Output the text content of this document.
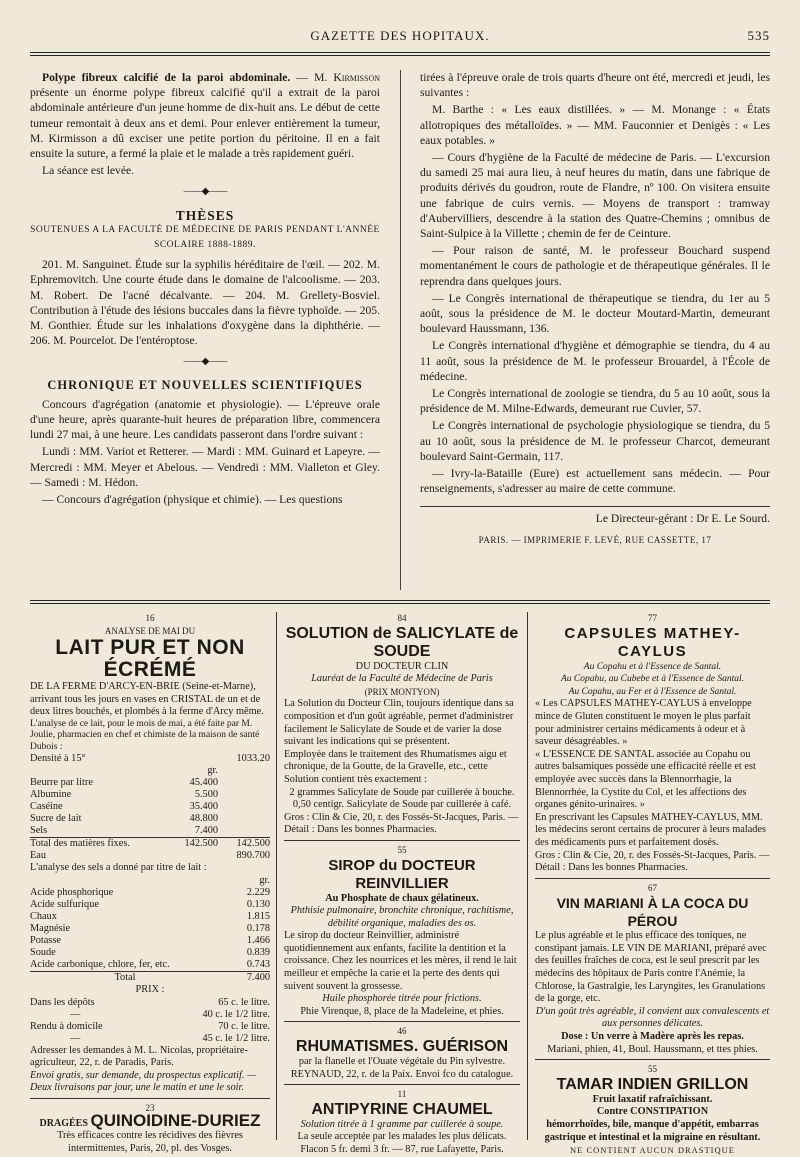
GAZETTE DES HOPITAUX.	535

Polype fibreux calcifié de la paroi abdominale. — M. Kirmisson présente un énorme polype fibreux calcifié qu'il a extrait de la paroi abdominale antérieure d'un jeune homme de dix-huit ans. Le début de cette tumeur remontait à deux ans et demi. Pour enlever entièrement la tumeur, M. Kirmisson a dû exciser une petite portion du péritoine. Il en a fait ensuite la suture, a fermé la plaie et le malade a très rapidement guéri.

La séance est levée.

——◆——
THÈSES
SOUTENUES A LA FACULTÉ DE MÉDECINE DE PARIS PENDANT L'ANNÉE SCOLAIRE 1888-1889.

201. M. Sanguinet. Étude sur la syphilis héréditaire de l'œil. — 202. M. Ephremovitch. Une courte étude dans le domaine de l'alcoolisme. — 203. M. Robert. De l'acné décalvante. — 204. M. Grellety-Bosviel. Contribution à l'étude des lésions buccales dans la fièvre typhoïde. — 205. M. Gonthier. Étude sur les inhalations d'oxygène dans la diphthérie. — 206. M. Pourcelot. De l'entéroptose.

——◆——
CHRONIQUE ET NOUVELLES SCIENTIFIQUES

Concours d'agrégation (anatomie et physiologie). — L'épreuve orale d'une heure, après quarante-huit heures de préparation libre, commencera lundi 27 mai, à une heure. Les candidats passeront dans l'ordre suivant :

Lundi : MM. Variot et Retterer. — Mardi : MM. Guinard et Lapeyre. — Mercredi : MM. Meyer et Abelous. — Vendredi : MM. Vialleton et Gley. — Samedi : M. Hédon.

— Concours d'agrégation (physique et chimie). — Les questions

tirées à l'épreuve orale de trois quarts d'heure ont été, mercredi et jeudi, les suivantes :

M. Barthe : « Les eaux distillées. » — M. Monange : « États allotropiques des métalloïdes. » — MM. Fauconnier et Denigès : « Les eaux potables. »

— Cours d'hygiène de la Faculté de médecine de Paris. — L'excursion du samedi 25 mai aura lieu, à neuf heures du matin, dans une fabrique de produits dérivés du goudron, route de Flandre, nº 100. On visitera ensuite une fabrique de cuirs vernis. — Moyens de transport : tramway d'Aubervilliers, descendre à la station des Quatre-Chemins ; omnibus de Saint-Sulpice à la Villette ; chemin de fer de Ceinture.

— Pour raison de santé, M. le professeur Bouchard suspend momentanément le cours de pathologie et de thérapeutique générales. Il le reprendra dans quelques jours.

— Le Congrès international de thérapeutique se tiendra, du 1er au 5 août, sous la présidence de M. le docteur Moutard-Martin, demeurant boulevard Haussmann, 136.

Le Congrès international d'hygiène et démographie se tiendra, du 4 au 11 août, sous la présidence de M. le professeur Brouardel, à l'École de médecine.

Le Congrès international de zoologie se tiendra, du 5 au 10 août, sous la présidence de M. Milne-Edwards, demeurant rue Cuvier, 57.

Le Congrès international de psychologie physiologique se tiendra, du 5 au 10 août, sous la présidence de M. le professeur Charcot, demeurant boulevard Saint-Germain, 117.

— Ivry-la-Bataille (Eure) est actuellement sans médecin. — Pour renseignements, s'adresser au maire de cette commune.

Le Directeur-gérant : Dr E. Le Sourd.
PARIS. — IMPRIMERIE F. LEVÉ, RUE CASSETTE, 17
16
ANALYSE DE MAI DU
LAIT PUR ET NON ÉCRÉMÉ

DE LA FERME D'ARCY-EN-BRIE (Seine-et-Marne), arrivant tous les jours en vases en CRISTAL de un et de deux litres bouchés, et plombés à la ferme d'Arcy même.

L'analyse de ce lait, pour le mois de mai, a été faite par M. Joulie, pharmacien en chef et chimiste de la maison de santé Dubois :

Densité à 15°		1033.20
	gr.	
Beurre par litre	45.400	
Albumine	5.500	
Caséine	35.400	
Sucre de lait	48.800	
Sels	7.400	
Total des matières fixes.	142.500	142.500
Eau		890.700

L'analyse des sels a donné par titre de lait :

	gr.
Acide phosphorique	2.229
Acide sulfurique	0.130
Chaux	1.815
Magnésie	0.178
Potasse	1.466
Soude	0.839
Acide carbonique, chlore, fer, etc.	0.743
Total	7.400
PRIX :
Dans les dépôts	65 c. le litre.
—	40 c. le 1/2 litre.
Rendu à domicile	70 c. le litre.
—	45 c. le 1/2 litre.

Adresser les demandes à M. L. Nicolas, propriétaire-agriculteur, 22, r. de Paradis, Paris.

Envoi gratis, sur demande, du prospectus explicatif. — Deux livraisons par jour, une le matin et une le soir.

23
DRAGÉES QUINOIDINE-DURIEZ

Très efficaces contre les récidives des fièvres intermittentes, Paris, 20, pl. des Vosges.

84
SOLUTION de SALICYLATE de SOUDE
DU DOCTEUR CLIN
Lauréat de la Faculté de Médecine de Paris
(PRIX MONTYON)

La Solution du Docteur Clin, toujours identique dans sa composition et d'un goût agréable, permet d'administrer facilement le Salicylate de Soude et de varier la dose suivant les indications qui se présentent.

Employée dans le traitement des Rhumatismes aigu et chronique, de la Goutte, de la Gravelle, etc., cette Solution contient très exactement :

2 grammes Salicylate de Soude par cuillerée à bouche.

0,50 centigr. Salicylate de Soude par cuillerée à café.

Gros : Clin & Cie, 20, r. des Fossés-St-Jacques, Paris. — Détail : Dans les bonnes Pharmacies.

55
SIROP du DOCTEUR REINVILLIER
Au Phosphate de chaux gélatineux.

Phthisie pulmonaire, bronchite chronique, rachitisme, débilité organique, maladies des os.

Le sirop du docteur Reinvillier, administré quotidiennement aux enfants, facilite la dentition et la croissance. Chez les nourrices et les mères, il rend le lait meilleur et empêche la carie et la perte des dents qui suivent souvent la grossesse.

Huile phosphorée titrée pour frictions.

Phie Virenque, 8, place de la Madeleine, et phies.

46
RHUMATISMES. GUÉRISON

par la flanelle et l'Ouate végétale du Pin sylvestre. REYNAUD, 22, r. de la Paix. Envoi fco du catalogue.

11
ANTIPYRINE CHAUMEL

Solution titrée à 1 gramme par cuillerée à soupe.

La seule acceptée par les malades les plus délicats. Flacon 5 fr. demi 3 fr. — 87, rue Lafayette, Paris.

77
CAPSULES MATHEY-CAYLUS
Au Copahu et à l'Essence de Santal.
Au Copahu, au Cubebe et à l'Essence de Santal.
Au Copahu, au Fer et à l'Essence de Santal.

« Les CAPSULES MATHEY-CAYLUS à enveloppe mince de Gluten constituent le moyen le plus parfait pour administrer certains médicaments à odeur et à saveur désagréables. »

« L'ESSENCE DE SANTAL associée au Copahu ou autres balsamiques possède une efficacité réelle et est employée avec succès dans la Blennorrhagie, la Blennorrhée, la Cystite du Col, et les affections des organes génito-urinaires. »

En prescrivant les Capsules MATHEY-CAYLUS, MM. les médecins seront certains de procurer à leurs malades des médicaments purs et parfaitement dosés.

Gros : Clin & Cie, 20, r. des Fossés-St-Jacques, Paris. — Détail : Dans les bonnes Pharmacies.

67
VIN MARIANI À LA COCA DU PÉROU

Le plus agréable et le plus efficace des toniques, ne constipant jamais. LE VIN DE MARIANI, préparé avec des feuilles fraîches de coca, est le seul prescrit par les médecins des hôpitaux de Paris contre l'Anémie, la Chlorose, la Gastralgie, les Laryngites, les Granulations de la gorge, etc.

D'un goût très agréable, il convient aux convalescents et aux personnes délicates.

Dose : Un verre à Madère après les repas.

Mariani, phien, 41, Boul. Haussmann, et ttes phies.

55
TAMAR INDIEN GRILLON
Fruit laxatif rafraîchissant.
Contre CONSTIPATION

hémorrhoïdes, bile, manque d'appétit, embarras gastrique et intestinal et la migraine en résultant.

NE CONTIENT AUCUN DRASTIQUE
